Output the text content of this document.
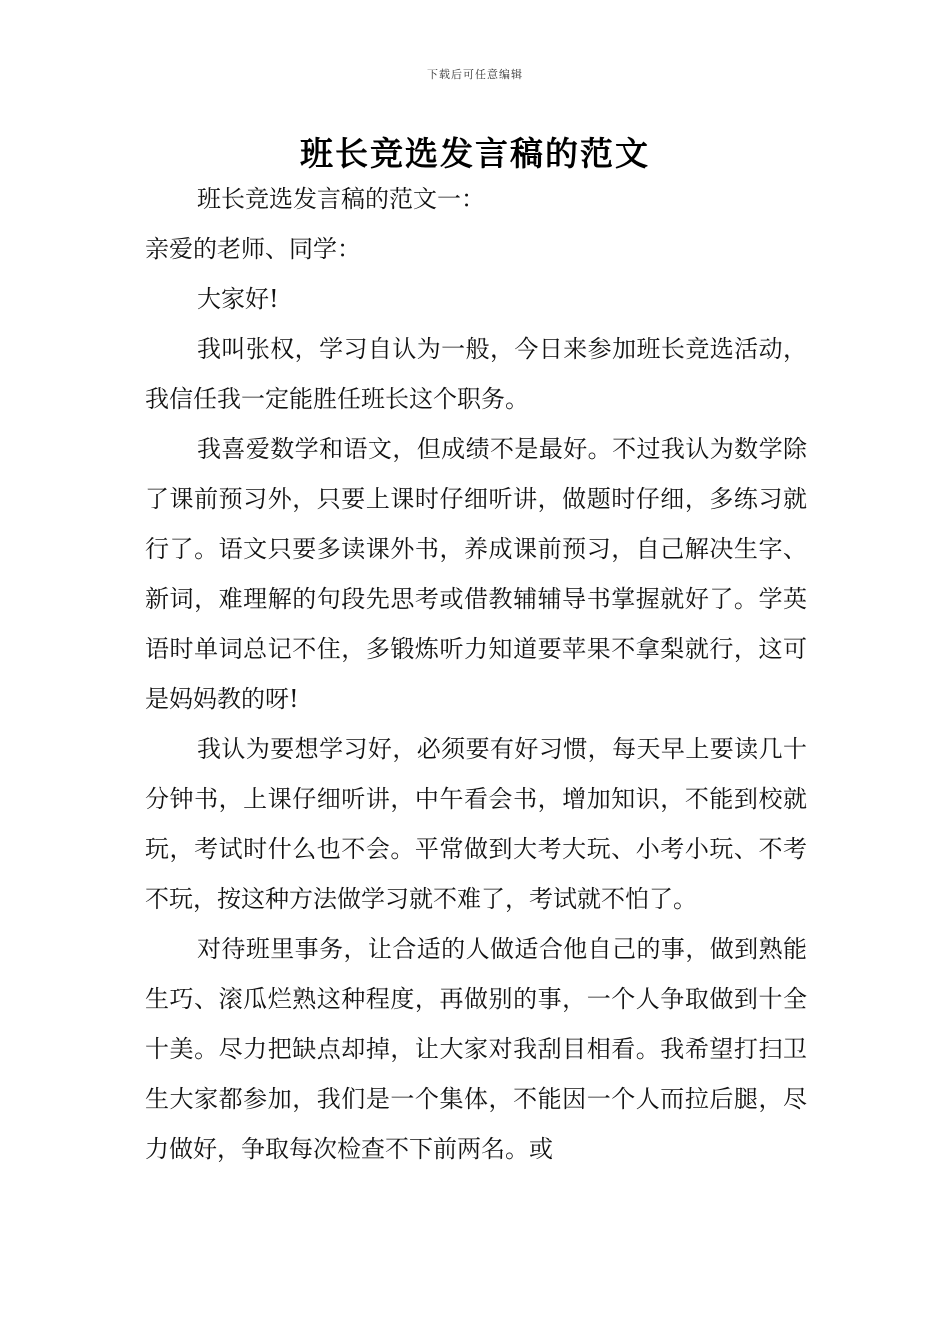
下载后可任意编辑
班长竞选发言稿的范文

班长竞选发言稿的范文一：

亲爱的老师、同学：

大家好!

我叫张权，学习自认为一般，今日来参加班长竞选活动，我信任我一定能胜任班长这个职务。

我喜爱数学和语文，但成绩不是最好。不过我认为数学除了课前预习外，只要上课时仔细听讲，做题时仔细，多练习就行了。语文只要多读课外书，养成课前预习，自己解决生字、新词，难理解的句段先思考或借教辅辅导书掌握就好了。学英语时单词总记不住，多锻炼听力知道要苹果不拿梨就行，这可是妈妈教的呀!

我认为要想学习好，必须要有好习惯，每天早上要读几十分钟书，上课仔细听讲，中午看会书，增加知识，不能到校就玩，考试时什么也不会。平常做到大考大玩、小考小玩、不考不玩，按这种方法做学习就不难了，考试就不怕了。

对待班里事务，让合适的人做适合他自己的事，做到熟能生巧、滚瓜烂熟这种程度，再做别的事，一个人争取做到十全十美。尽力把缺点却掉，让大家对我刮目相看。我希望打扫卫生大家都参加，我们是一个集体，不能因一个人而拉后腿，尽力做好，争取每次检查不下前两名。或
